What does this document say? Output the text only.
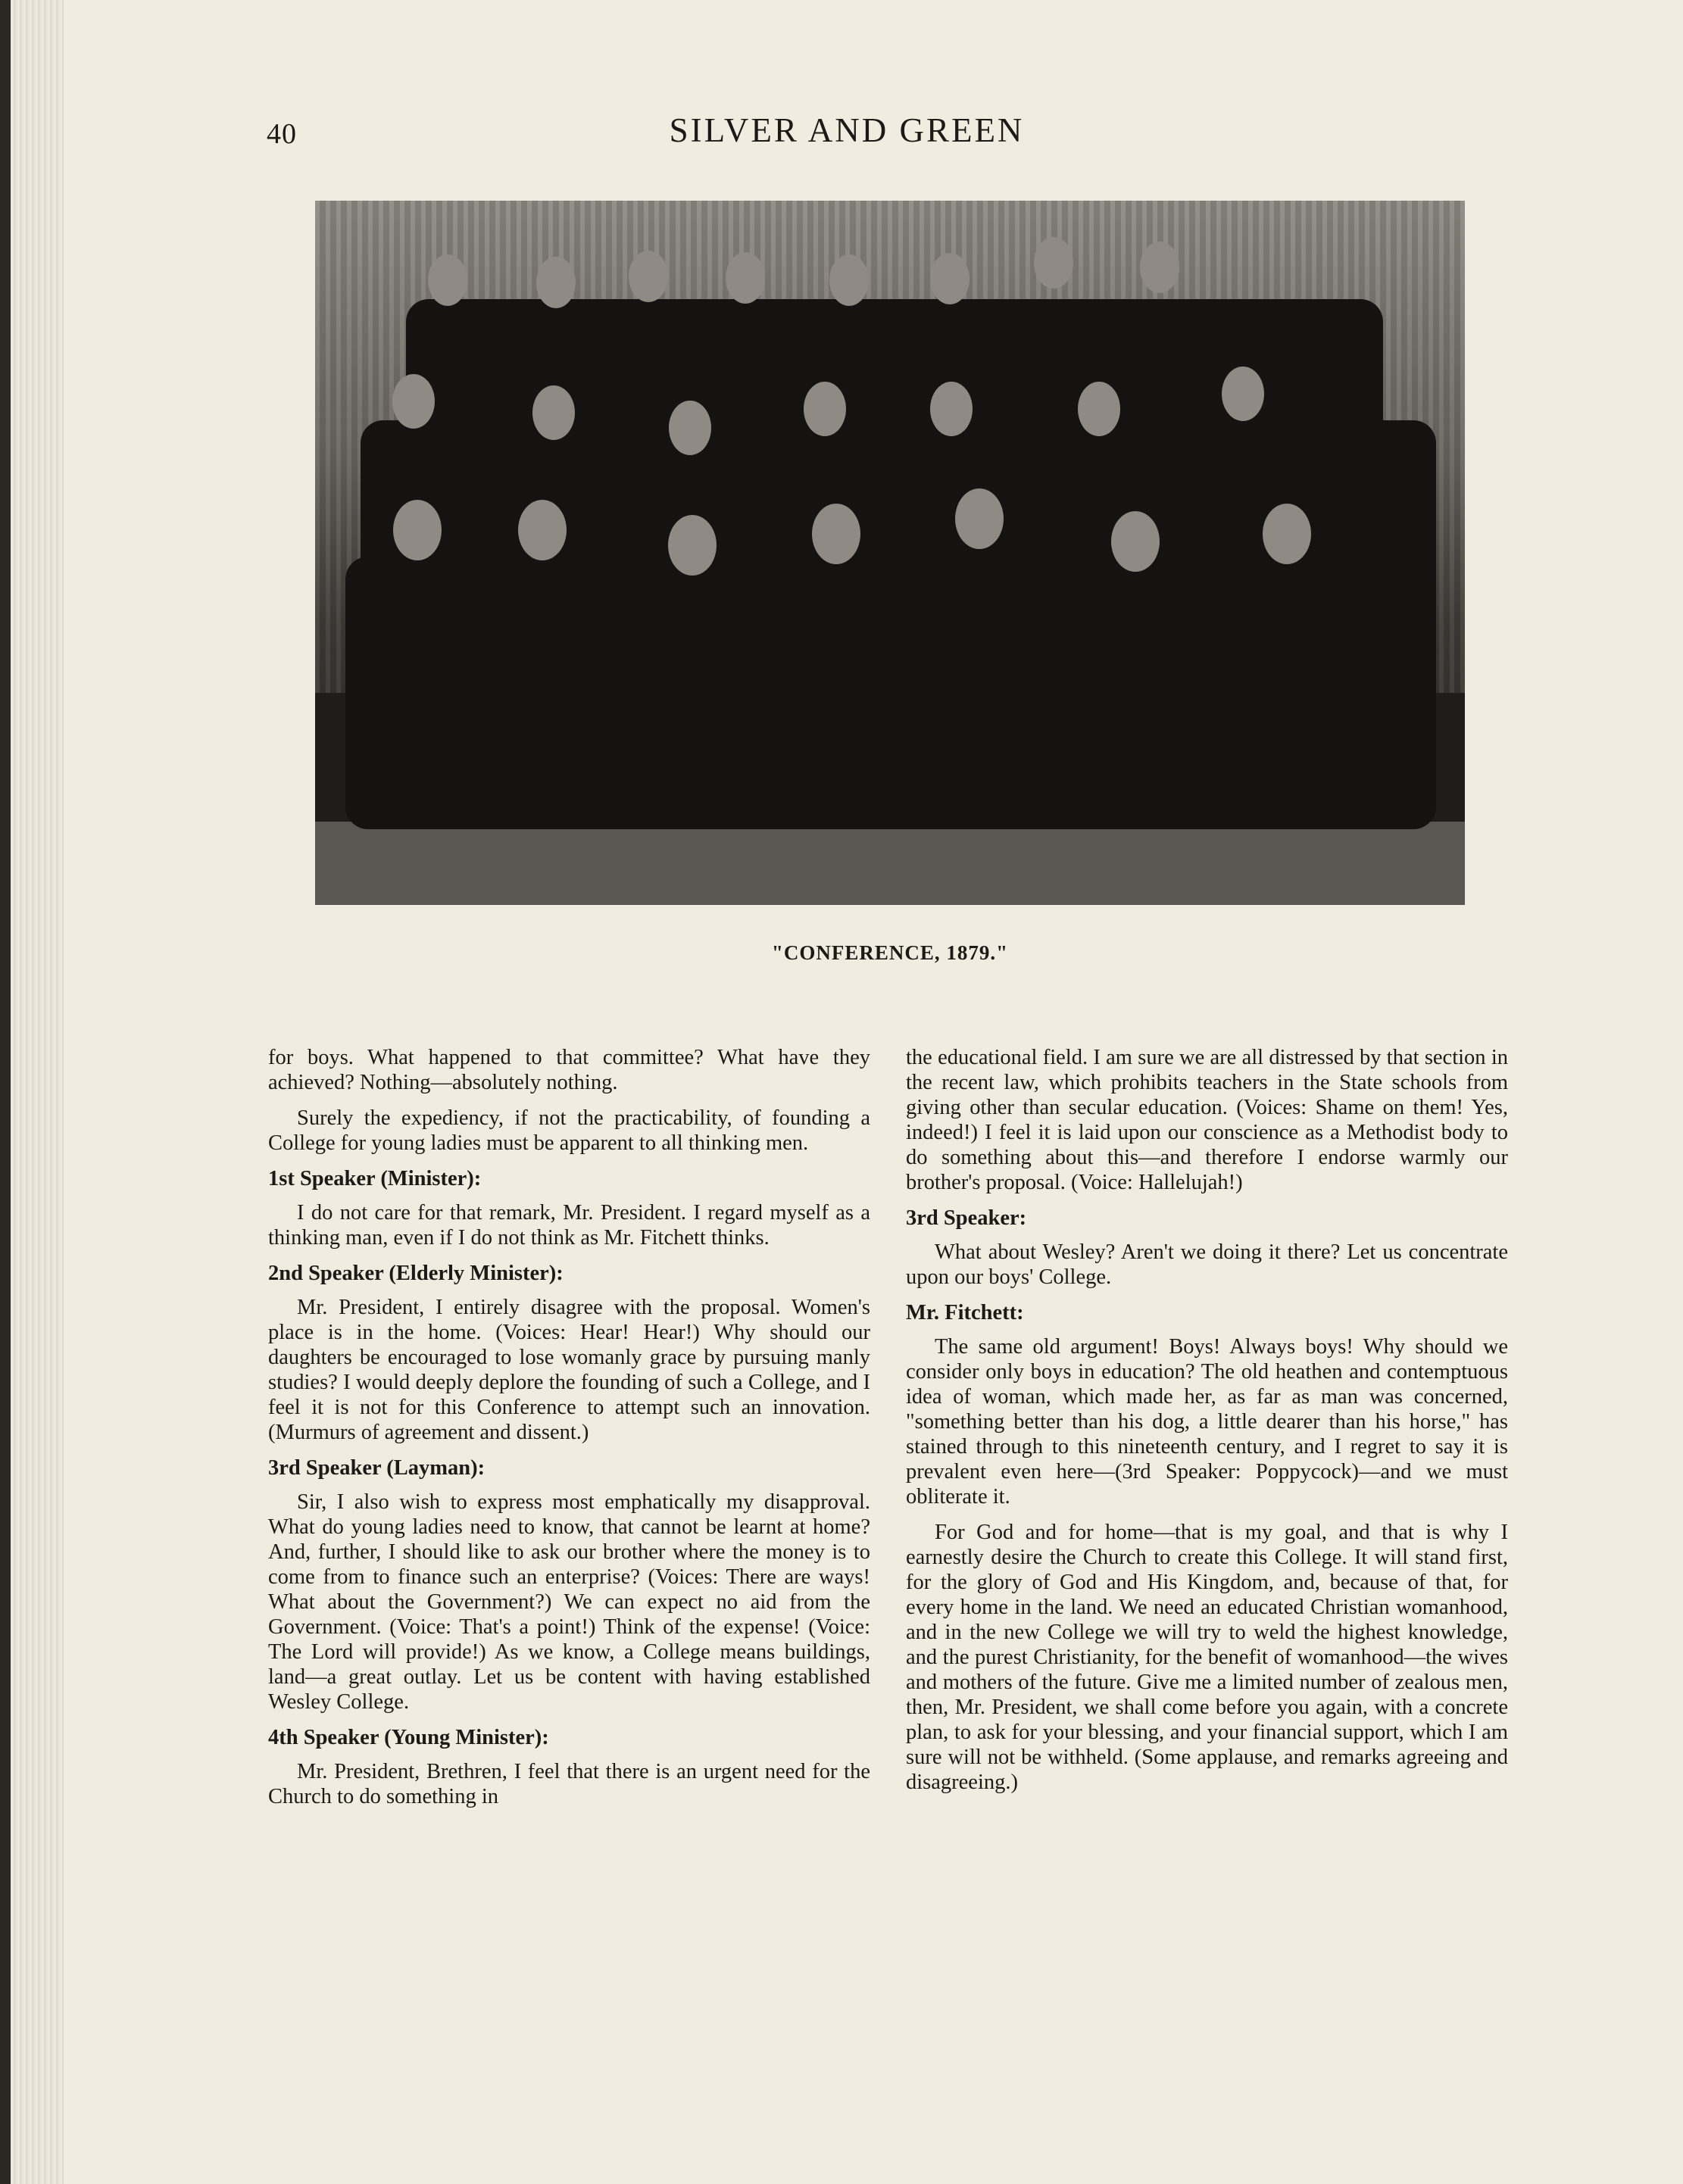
40	SILVER AND GREEN
"CONFERENCE, 1879."

for boys. What happened to that committee? What have they achieved? Nothing—absolutely nothing.

Surely the expediency, if not the practicability, of founding a College for young ladies must be apparent to all thinking men.

1st Speaker (Minister):

I do not care for that remark, Mr. President. I regard myself as a thinking man, even if I do not think as Mr. Fitchett thinks.

2nd Speaker (Elderly Minister):

Mr. President, I entirely disagree with the proposal. Women's place is in the home. (Voices: Hear! Hear!) Why should our daughters be encouraged to lose womanly grace by pursuing manly studies? I would deeply deplore the founding of such a College, and I feel it is not for this Conference to attempt such an innovation. (Murmurs of agreement and dissent.)

3rd Speaker (Layman):

Sir, I also wish to express most emphatically my disapproval. What do young ladies need to know, that cannot be learnt at home? And, further, I should like to ask our brother where the money is to come from to finance such an enterprise? (Voices: There are ways! What about the Government?) We can expect no aid from the Government. (Voice: That's a point!) Think of the expense! (Voice: The Lord will provide!) As we know, a College means buildings, land—a great outlay. Let us be content with having established Wesley College.

4th Speaker (Young Minister):

Mr. President, Brethren, I feel that there is an urgent need for the Church to do something in

the educational field. I am sure we are all distressed by that section in the recent law, which prohibits teachers in the State schools from giving other than secular education. (Voices: Shame on them! Yes, indeed!) I feel it is laid upon our conscience as a Methodist body to do something about this—and therefore I endorse warmly our brother's proposal. (Voice: Hallelujah!)

3rd Speaker:

What about Wesley? Aren't we doing it there? Let us concentrate upon our boys' College.

Mr. Fitchett:

The same old argument! Boys! Always boys! Why should we consider only boys in education? The old heathen and contemptuous idea of woman, which made her, as far as man was concerned, "something better than his dog, a little dearer than his horse," has stained through to this nineteenth century, and I regret to say it is prevalent even here—(3rd Speaker: Poppycock)—and we must obliterate it.

For God and for home—that is my goal, and that is why I earnestly desire the Church to create this College. It will stand first, for the glory of God and His Kingdom, and, because of that, for every home in the land. We need an educated Christian womanhood, and in the new College we will try to weld the highest knowledge, and the purest Christianity, for the benefit of womanhood—the wives and mothers of the future. Give me a limited number of zealous men, then, Mr. President, we shall come before you again, with a concrete plan, to ask for your blessing, and your financial support, which I am sure will not be withheld. (Some applause, and remarks agreeing and disagreeing.)
